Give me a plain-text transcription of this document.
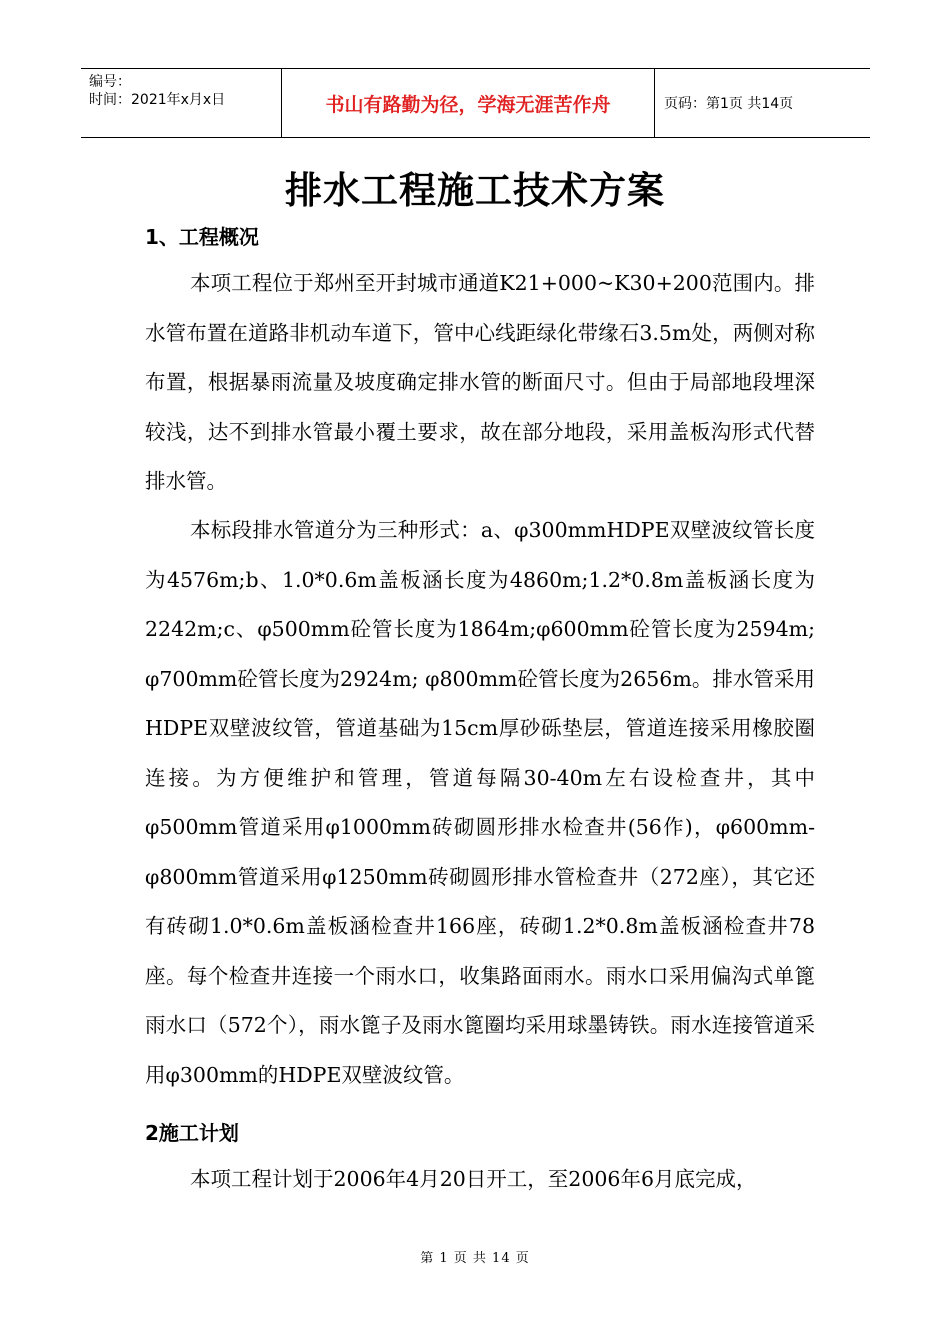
编号：
时间：2021年x月x日	书山有路勤为径，学海无涯苦作舟	页码：第1页 共14页
排水工程施工技术方案
1、工程概况
本项工程位于郑州至开封城市通道K21+000~K30+200范围内。排水管布置在道路非机动车道下，管中心线距绿化带缘石3.5m处，两侧对称布置，根据暴雨流量及坡度确定排水管的断面尺寸。但由于局部地段埋深较浅，达不到排水管最小覆土要求，故在部分地段，采用盖板沟形式代替排水管。
本标段排水管道分为三种形式：a、φ300mmHDPE双壁波纹管长度为4576m;b、1.0*0.6m盖板涵长度为4860m;1.2*0.8m盖板涵长度为2242m;c、φ500mm砼管长度为1864m;φ600mm砼管长度为2594m; φ700mm砼管长度为2924m; φ800mm砼管长度为2656m。排水管采用HDPE双壁波纹管，管道基础为15cm厚砂砾垫层，管道连接采用橡胶圈连接。为方便维护和管理，管道每隔30-40m左右设检查井，其中φ500mm管道采用φ1000mm砖砌圆形排水检查井(56作)，φ600mm-φ800mm管道采用φ1250mm砖砌圆形排水管检查井（272座），其它还有砖砌1.0*0.6m盖板涵检查井166座，砖砌1.2*0.8m盖板涵检查井78座。每个检查井连接一个雨水口，收集路面雨水。雨水口采用偏沟式单篦雨水口（572个），雨水篦子及雨水篦圈均采用球墨铸铁。雨水连接管道采用φ300mm的HDPE双壁波纹管。
2施工计划
本项工程计划于2006年4月20日开工，至2006年6月底完成，
第 1 页 共 14 页
